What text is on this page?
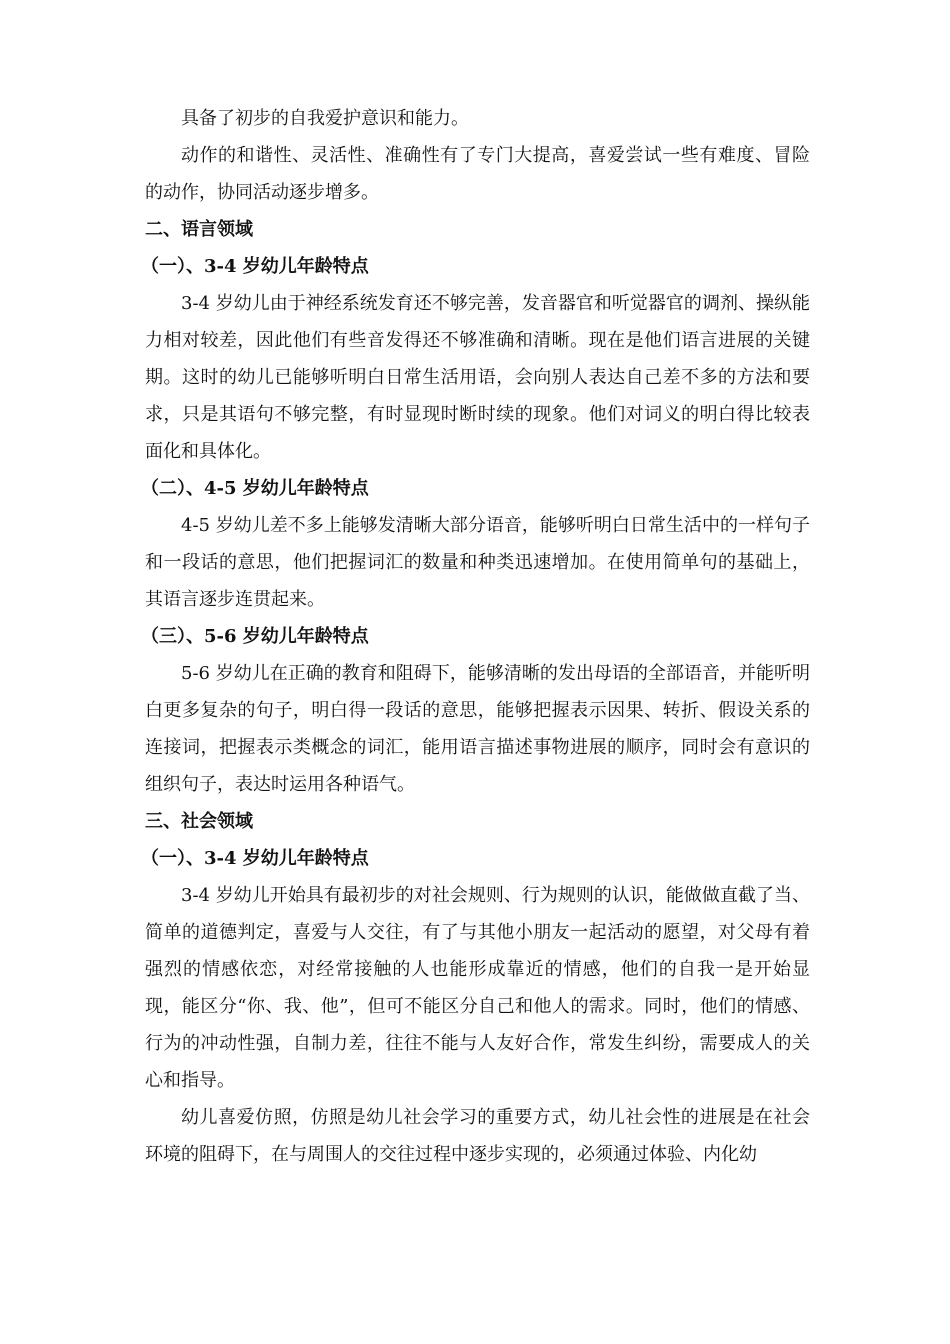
具备了初步的自我爱护意识和能力。

动作的和谐性、灵活性、准确性有了专门大提高，喜爱尝试一些有难度、冒险的动作，协同活动逐步增多。

二、语言领域

（一）、3-4 岁幼儿年龄特点

3-4 岁幼儿由于神经系统发育还不够完善，发音器官和听觉器官的调剂、操纵能力相对较差，因此他们有些音发得还不够准确和清晰。现在是他们语言进展的关键期。这时的幼儿已能够听明白日常生活用语，会向别人表达自己差不多的方法和要求，只是其语句不够完整，有时显现时断时续的现象。他们对词义的明白得比较表面化和具体化。

（二）、4-5 岁幼儿年龄特点

4-5 岁幼儿差不多上能够发清晰大部分语音，能够听明白日常生活中的一样句子和一段话的意思，他们把握词汇的数量和种类迅速增加。在使用简单句的基础上，其语言逐步连贯起来。

（三）、5-6 岁幼儿年龄特点

5-6 岁幼儿在正确的教育和阻碍下，能够清晰的发出母语的全部语音，并能听明白更多复杂的句子，明白得一段话的意思，能够把握表示因果、转折、假设关系的连接词，把握表示类概念的词汇，能用语言描述事物进展的顺序，同时会有意识的组织句子，表达时运用各种语气。

三、社会领域

（一）、3-4 岁幼儿年龄特点

3-4 岁幼儿开始具有最初步的对社会规则、行为规则的认识，能做做直截了当、简单的道德判定，喜爱与人交往，有了与其他小朋友一起活动的愿望，对父母有着强烈的情感依恋，对经常接触的人也能形成靠近的情感，他们的自我一是开始显现，能区分“你、我、他”，但可不能区分自己和他人的需求。同时，他们的情感、行为的冲动性强，自制力差，往往不能与人友好合作，常发生纠纷，需要成人的关心和指导。

幼儿喜爱仿照，仿照是幼儿社会学习的重要方式，幼儿社会性的进展是在社会环境的阻碍下，在与周围人的交往过程中逐步实现的，必须通过体验、内化幼
